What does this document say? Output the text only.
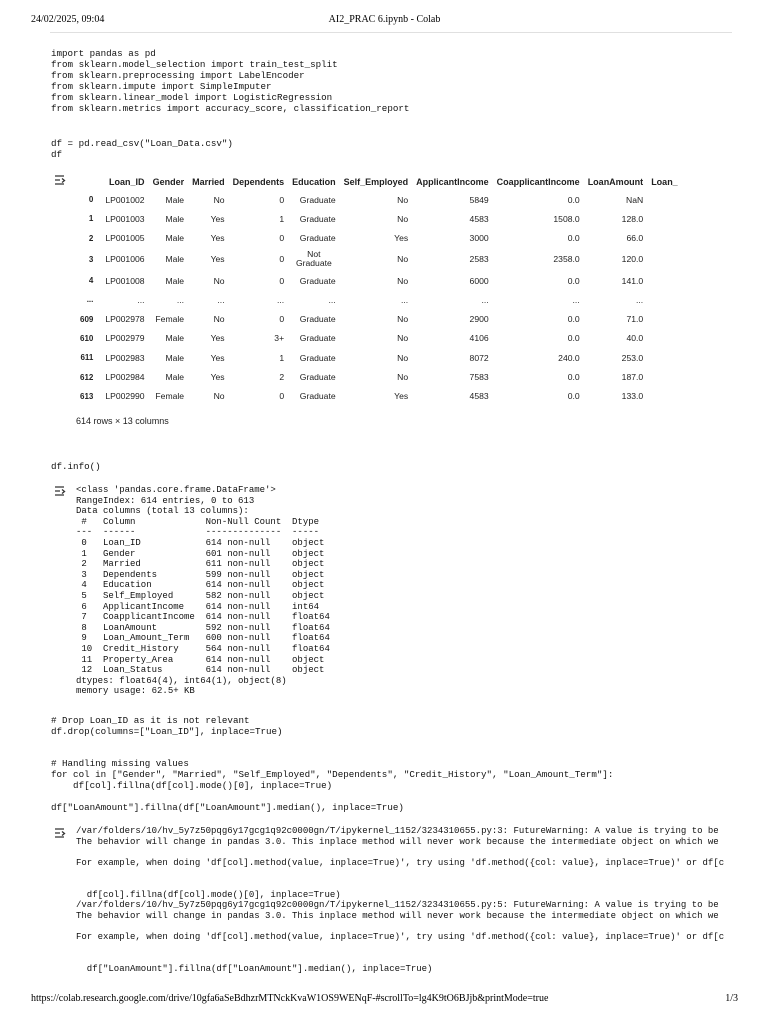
24/02/2025, 09:04	AI2_PRAC 6.ipynb - Colab
import pandas as pd
from sklearn.model_selection import train_test_split
from sklearn.preprocessing import LabelEncoder
from sklearn.impute import SimpleImputer
from sklearn.linear_model import LogisticRegression
from sklearn.metrics import accuracy_score, classification_report
df = pd.read_csv("Loan_Data.csv")
df
	Loan_ID	Gender	Married	Dependents	Education	Self_Employed	ApplicantIncome	CoapplicantIncome	LoanAmount	Loan_
0	LP001002	Male	No	0	Graduate	No	5849	0.0	NaN	
1	LP001003	Male	Yes	1	Graduate	No	4583	1508.0	128.0	
2	LP001005	Male	Yes	0	Graduate	Yes	3000	0.0	66.0	
3	LP001006	Male	Yes	0	Not
Graduate	No	2583	2358.0	120.0	
4	LP001008	Male	No	0	Graduate	No	6000	0.0	141.0	
...	...	...	...	...	...	...	...	...	...	
609	LP002978	Female	No	0	Graduate	No	2900	0.0	71.0	
610	LP002979	Male	Yes	3+	Graduate	No	4106	0.0	40.0	
611	LP002983	Male	Yes	1	Graduate	No	8072	240.0	253.0	
612	LP002984	Male	Yes	2	Graduate	No	7583	0.0	187.0	
613	LP002990	Female	No	0	Graduate	Yes	4583	0.0	133.0	
614 rows × 13 columns
df.info()
<class 'pandas.core.frame.DataFrame'>
RangeIndex: 614 entries, 0 to 613
Data columns (total 13 columns):
#   Column             Non-Null Count  Dtype
---  ------             --------------  -----
0   Loan_ID            614 non-null    object
1   Gender             601 non-null    object
2   Married            611 non-null    object
3   Dependents         599 non-null    object
4   Education          614 non-null    object
5   Self_Employed      582 non-null    object
6   ApplicantIncome    614 non-null    int64
7   CoapplicantIncome  614 non-null    float64
8   LoanAmount         592 non-null    float64
9   Loan_Amount_Term   600 non-null    float64
10  Credit_History     564 non-null    float64
11  Property_Area      614 non-null    object
12  Loan_Status        614 non-null    object
dtypes: float64(4), int64(1), object(8)
memory usage: 62.5+ KB
# Drop Loan_ID as it is not relevant
df.drop(columns=["Loan_ID"], inplace=True)
# Handling missing values
for col in ["Gender", "Married", "Self_Employed", "Dependents", "Credit_History", "Loan_Amount_Term"]:
df[col].fillna(df[col].mode()[0], inplace=True)

df["LoanAmount"].fillna(df["LoanAmount"].median(), inplace=True)
/var/folders/10/hv_5y7z50pqg6y17gcg1q92c0000gn/T/ipykernel_1152/3234310655.py:3: FutureWarning: A value is trying to be
The behavior will change in pandas 3.0. This inplace method will never work because the intermediate object on which we

For example, when doing 'df[col].method(value, inplace=True)', try using 'df.method({col: value}, inplace=True)' or df[c

df[col].fillna(df[col].mode()[0], inplace=True)
/var/folders/10/hv_5y7z50pqg6y17gcg1q92c0000gn/T/ipykernel_1152/3234310655.py:5: FutureWarning: A value is trying to be
The behavior will change in pandas 3.0. This inplace method will never work because the intermediate object on which we

For example, when doing 'df[col].method(value, inplace=True)', try using 'df.method({col: value}, inplace=True)' or df[c

df["LoanAmount"].fillna(df["LoanAmount"].median(), inplace=True)
https://colab.research.google.com/drive/10gfa6aSeBdhzrMTNckKvaW1OS9WENqF-#scrollTo=lg4K9tO6BJjb&printMode=true	1/3
